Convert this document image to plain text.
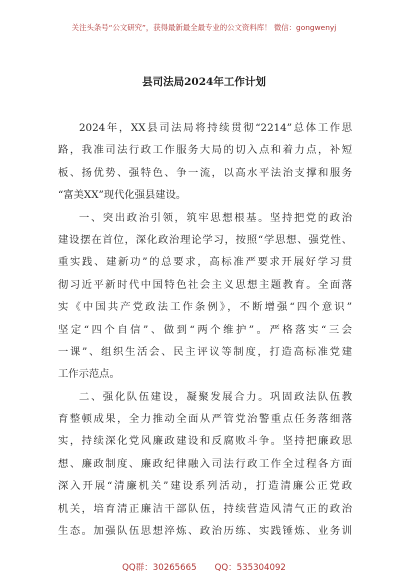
关注头条号“公文研究”，获得最新最全最专业的公文资料库！ 微信：gongwenyj
县司法局2024年工作计划
2024年，XX县司法局将持续贯彻“2214”总体工作思
路，我准司法行政工作服务大局的切入点和着力点，补短
板、扬优势、强特色、争一流，以高水平法治支撑和服务
“富美XX”现代化强县建设。
一、突出政治引领，筑牢思想根基。坚持把党的政治
建设摆在首位，深化政治理论学习，按照“学思想、强党性、
重实践、建新功”的总要求，高标准严要求开展好学习贯
彻习近平新时代中国特色社会主义思想主题教育。全面落
实《中国共产党政法工作条例》，不断增强“四个意识”
坚定“四个自信”、做到“两个维护”。严格落实“三会
一课”、组织生活会、民主评议等制度，打造高标准党建
工作示范点。
二、强化队伍建设，凝聚发展合力。巩固政法队伍教
育整顿成果，全力推动全面从严管党治警重点任务落细落
实，持续深化党风廉政建设和反腐败斗争。坚持把廉政思
想、廉政制度、廉政纪律融入司法行政工作全过程各方面
深入开展“清廉机关”建设系列活动，打造清廉公正党政
机关，培育清正廉洁干部队伍，持续营造风清气正的政治
生态。加强队伍思想淬炼、政治历练、实践锤炼、业务训
QQ群：30265665 QQ：535304092
